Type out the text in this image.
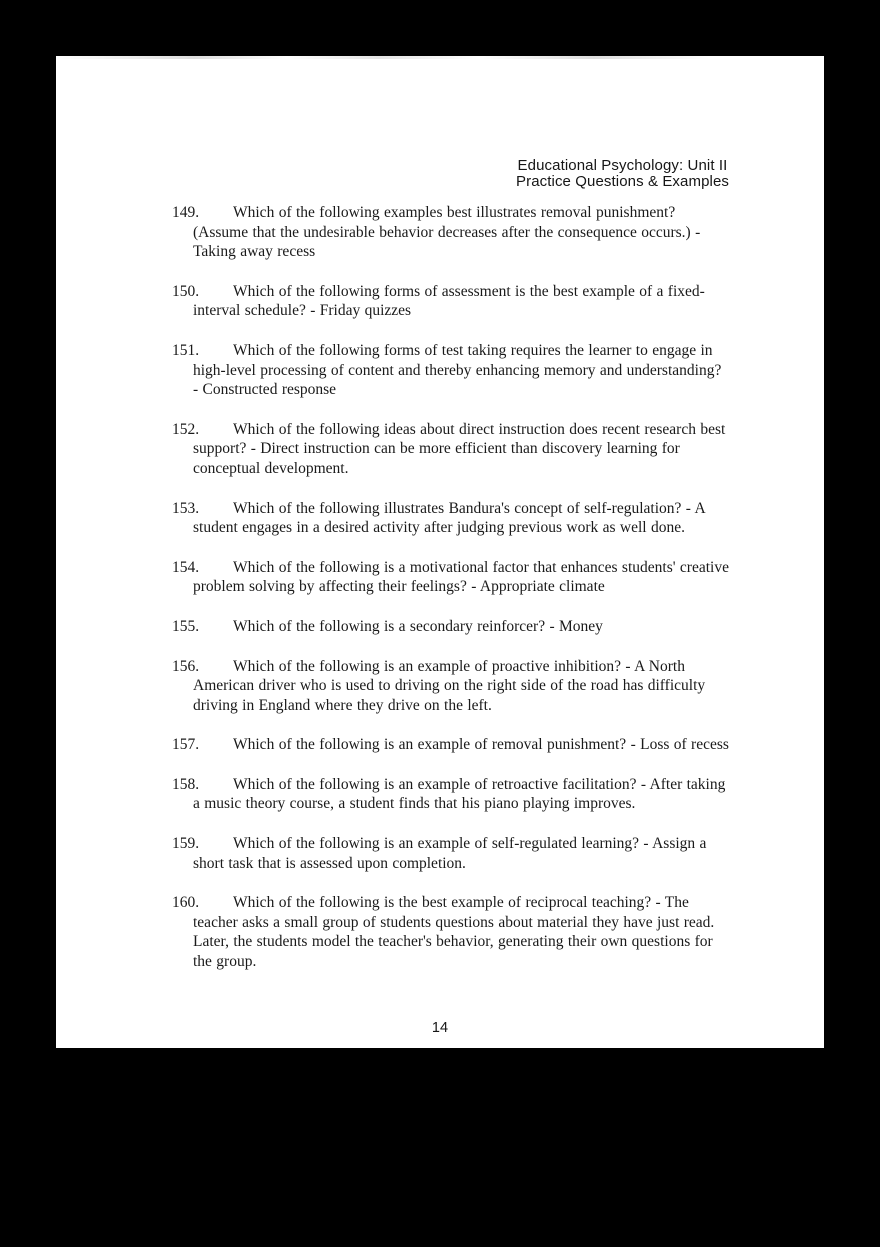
Educational Psychology: Unit II
Practice Questions & Examples
149. Which of the following examples best illustrates removal punishment? (Assume that the undesirable behavior decreases after the consequence occurs.) - Taking away recess
150. Which of the following forms of assessment is the best example of a fixed-interval schedule? - Friday quizzes
151. Which of the following forms of test taking requires the learner to engage in high-level processing of content and thereby enhancing memory and understanding? - Constructed response
152. Which of the following ideas about direct instruction does recent research best support? - Direct instruction can be more efficient than discovery learning for conceptual development.
153. Which of the following illustrates Bandura's concept of self-regulation? - A student engages in a desired activity after judging previous work as well done.
154. Which of the following is a motivational factor that enhances students' creative problem solving by affecting their feelings? - Appropriate climate
155. Which of the following is a secondary reinforcer? - Money
156. Which of the following is an example of proactive inhibition? - A North American driver who is used to driving on the right side of the road has difficulty driving in England where they drive on the left.
157. Which of the following is an example of removal punishment? - Loss of recess
158. Which of the following is an example of retroactive facilitation? - After taking a music theory course, a student finds that his piano playing improves.
159. Which of the following is an example of self-regulated learning? - Assign a short task that is assessed upon completion.
160. Which of the following is the best example of reciprocal teaching? - The teacher asks a small group of students questions about material they have just read. Later, the students model the teacher's behavior, generating their own questions for the group.
14
